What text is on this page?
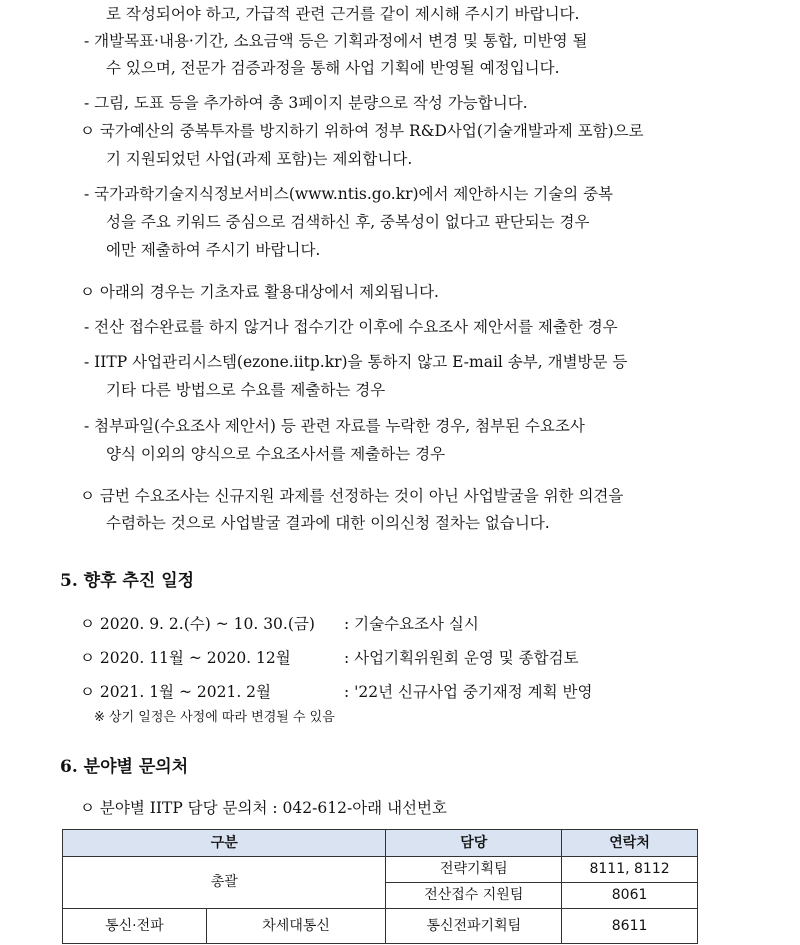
로 작성되어야 하고, 가급적 관련 근거를 같이 제시해 주시기 바랍니다.
- 개발목표·내용·기간, 소요금액 등은 기획과정에서 변경 및 통합, 미반영 될
수 있으며, 전문가 검증과정을 통해 사업 기획에 반영될 예정입니다.
- 그림, 도표 등을 추가하여 총 3페이지 분량으로 작성 가능합니다.
ㅇ 국가예산의 중복투자를 방지하기 위하여 정부 R&D사업(기술개발과제 포함)으로
기 지원되었던 사업(과제 포함)는 제외합니다.
- 국가과학기술지식정보서비스(www.ntis.go.kr)에서 제안하시는 기술의 중복
성을 주요 키워드 중심으로 검색하신 후, 중복성이 없다고 판단되는 경우
에만 제출하여 주시기 바랍니다.
ㅇ 아래의 경우는 기초자료 활용대상에서 제외됩니다.
- 전산 접수완료를 하지 않거나 접수기간 이후에 수요조사 제안서를 제출한 경우
- IITP 사업관리시스템(ezone.iitp.kr)을 통하지 않고 E-mail 송부, 개별방문 등
기타 다른 방법으로 수요를 제출하는 경우
- 첨부파일(수요조사 제안서) 등 관련 자료를 누락한 경우, 첨부된 수요조사
양식 이외의 양식으로 수요조사서를 제출하는 경우
ㅇ 금번 수요조사는 신규지원 과제를 선정하는 것이 아닌 사업발굴을 위한 의견을
수렴하는 것으로 사업발굴 결과에 대한 이의신청 절차는 없습니다.
5. 향후 추진 일정
ㅇ 2020. 9. 2.(수) ~ 10. 30.(금) : 기술수요조사 실시
ㅇ 2020. 11월 ~ 2020. 12월	: 사업기획위원회 운영 및 종합검토
ㅇ 2021. 1월 ~ 2021. 2월	: '22년 신규사업 중기재정 계획 반영
※ 상기 일정은 사정에 따라 변경될 수 있음
6. 분야별 문의처
ㅇ 분야별 IITP 담당 문의처 : 042-612-아래 내선번호
구분		담당	연락처
총괄		전략기획팀	8111, 8112
		전산접수 지원팀	8061
통신·전파	차세대통신	통신전파기획팀	8611
